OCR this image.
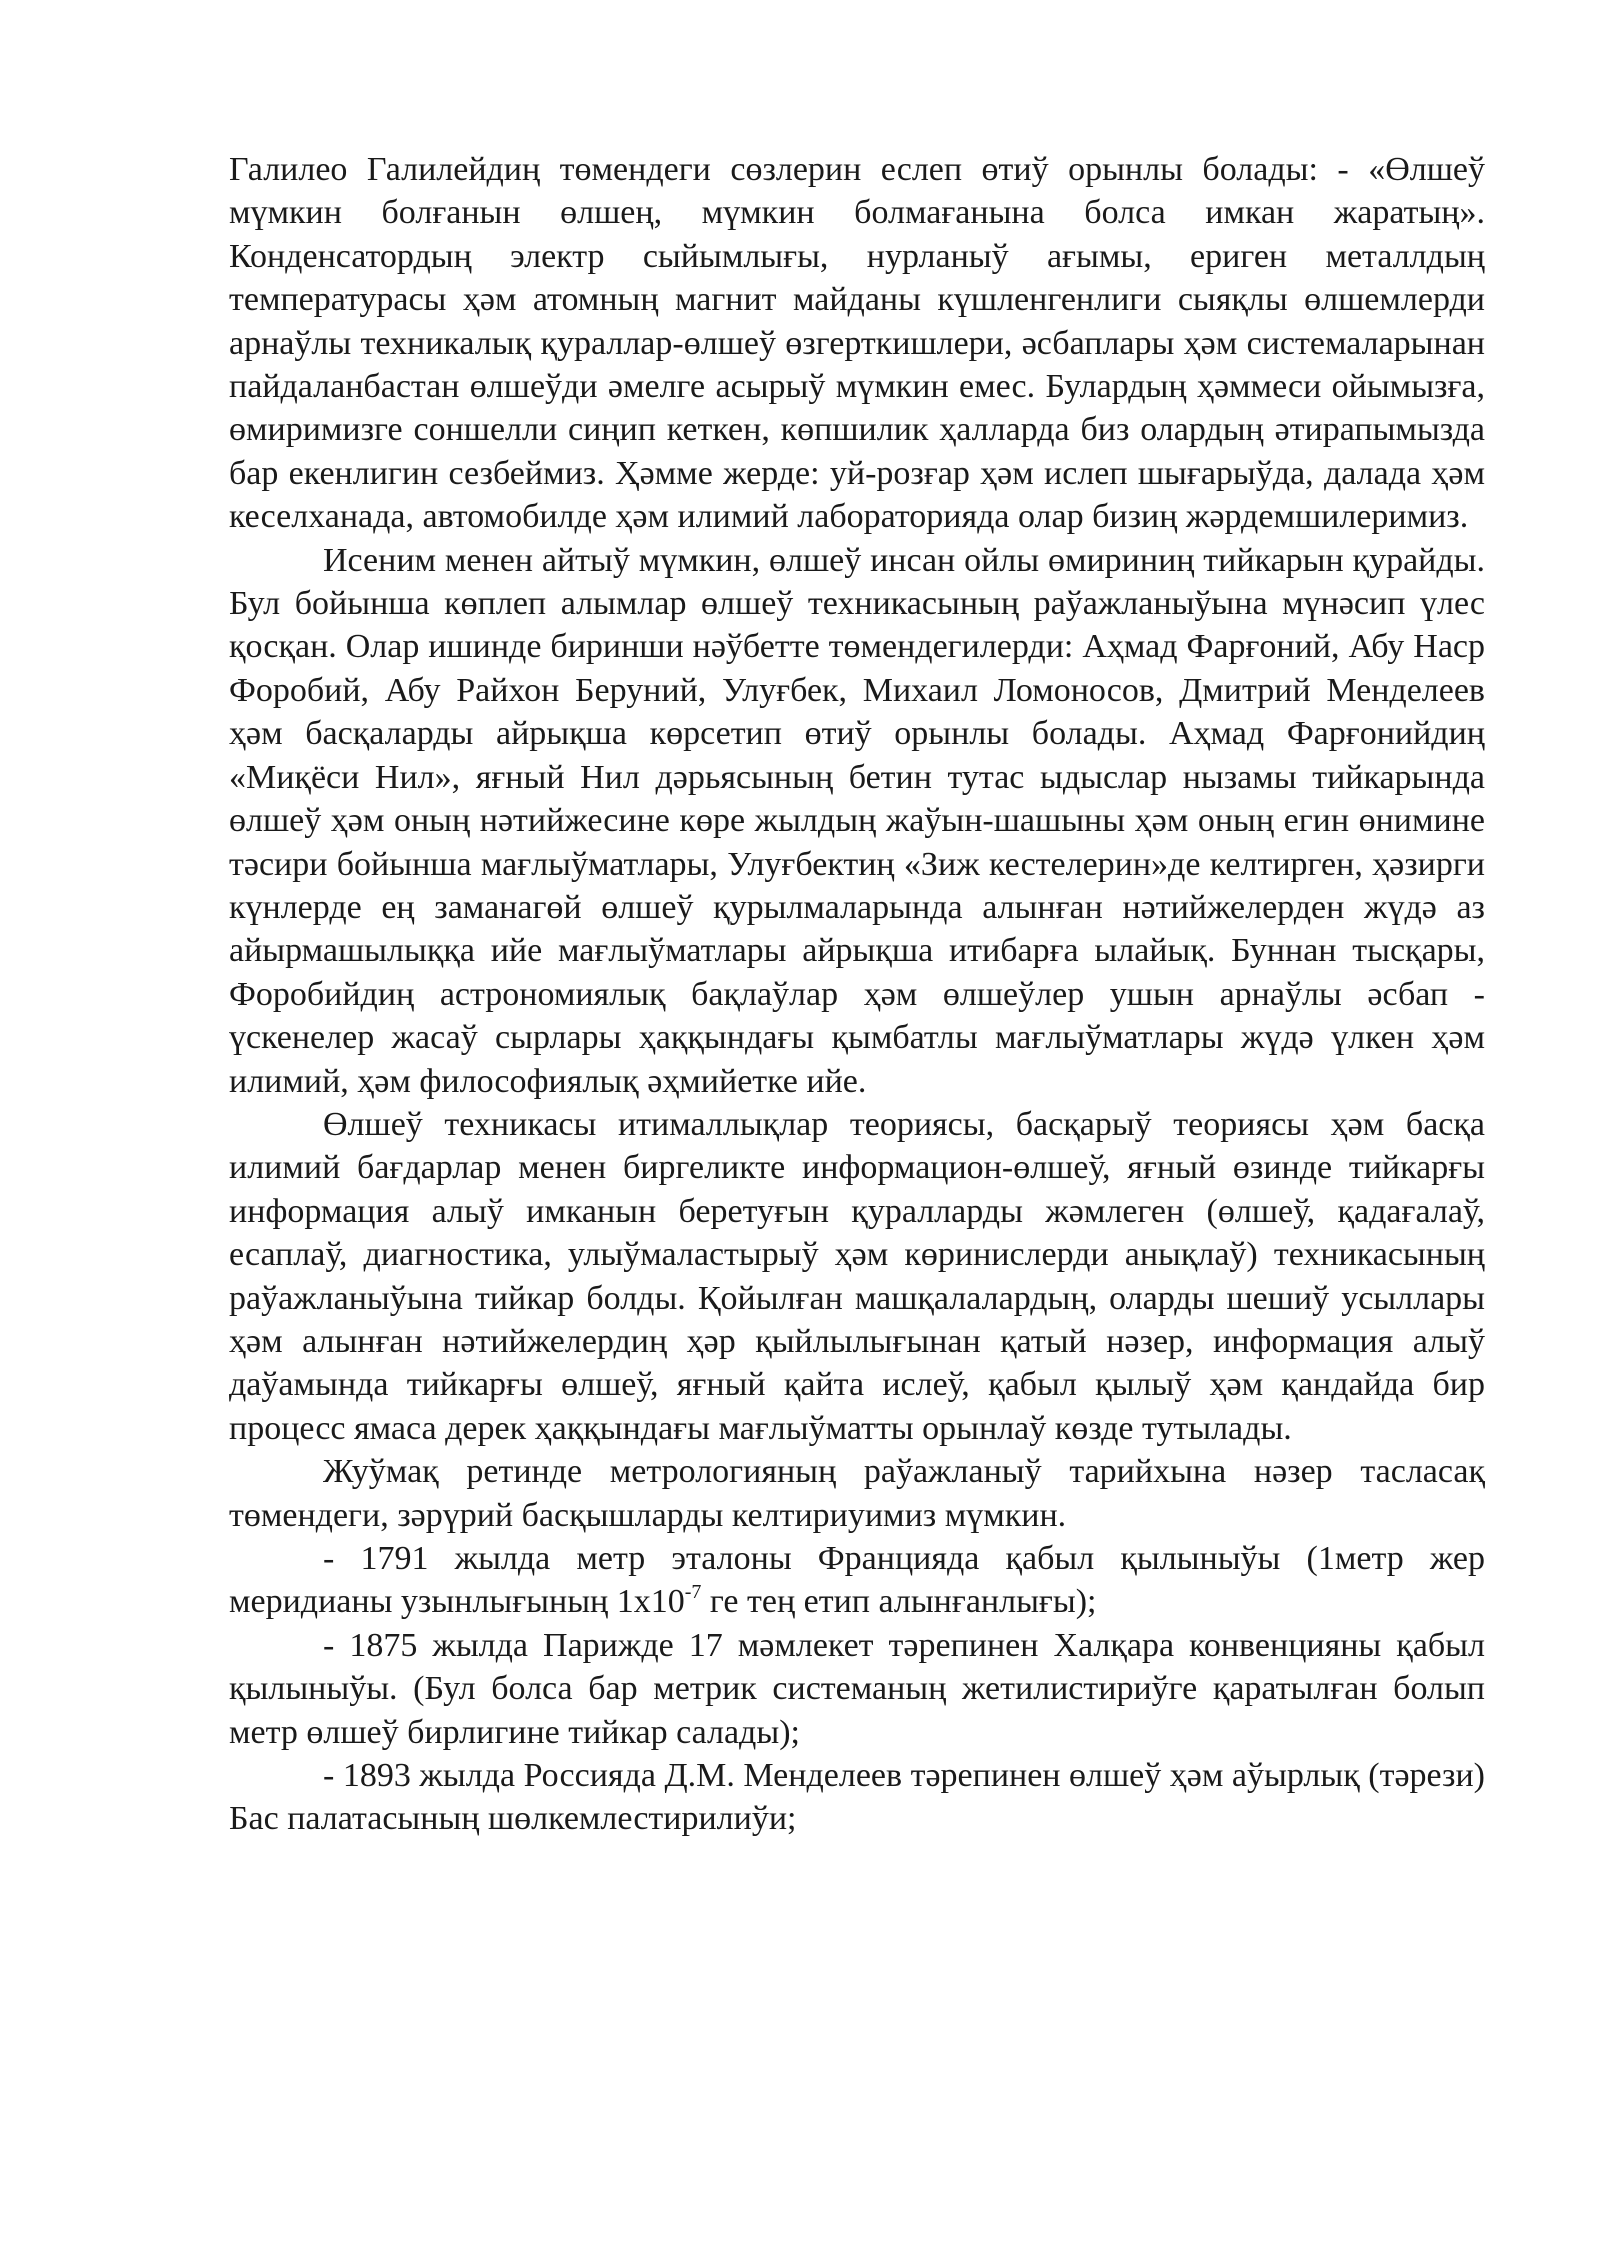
Галилео Галилейдиң төмендеги сөзлерин еслеп өтиў орынлы болады: - «Өлшеў мүмкин болғанын өлшең, мүмкин болмағанына болса имкан жаратың». Конденсатордың электр сыйымлығы, нурланыў ағымы, ериген металлдың температурасы ҳәм атомның магнит майданы күшленгенлиги сыяқлы өлшемлерди арнаўлы техникалық қураллар-өлшеў өзгерткишлери, әсбаплары ҳәм системаларынан пайдаланбастан өлшеўди әмелге асырыў мүмкин емес. Булардың ҳәммеси ойымызға, өмиримизге соншелли сиңип кеткен, көпшилик ҳалларда биз олардың әтирапымызда бар екенлигин сезбеймиз. Ҳәмме жерде: уй-розғар ҳәм ислеп шығарыўда, далада ҳәм кеселханада, автомобилде ҳәм илимий лабораторияда олар бизиң жәрдемшилеримиз.

Исеним менен айтыў мүмкин, өлшеў инсан ойлы өмириниң тийкарын қурайды. Бул бойынша көплеп алымлар өлшеў техникасының раўажланыўына мүнәсип үлес қосқан. Олар ишинде биринши нәўбетте төмендегилерди: Аҳмад Фарғоний, Абу Наср Форобий, Абу Райхон Беруний, Улуғбек, Михаил Ломоносов, Дмитрий Менделеев ҳәм басқаларды айрықша көрсетип өтиў орынлы болады. Аҳмад Фарғонийдиң «Миқёси Нил», яғный Нил дәрьясының бетин тутас ыдыслар нызамы тийкарында өлшеў ҳәм оның нәтийжесине көре жылдың жаўын-шашыны ҳәм оның егин өнимине тәсири бойынша мағлыўматлары, Улуғбектиң «Зиж кестелерин»де келтирген, ҳәзирги күнлерде ең заманагөй өлшеў қурылмаларында алынған нәтийжелерден жүдә аз айырмашылыққа ийе мағлыўматлары айрықша итибарға ылайық. Буннан тысқары, Форобийдиң астрономиялық бақлаўлар ҳәм өлшеўлер ушын арнаўлы әсбап - үскенелер жасаў сырлары ҳаққындағы қымбатлы мағлыўматлары жүдә үлкен ҳәм илимий, ҳәм философиялық әҳмийетке ийе.

Өлшеў техникасы итималлықлар теориясы, басқарыў теориясы ҳәм басқа илимий бағдарлар менен биргеликте информацион-өлшеў, яғный өзинде тийкарғы информация алыў имканын беретуғын қуралларды жәмлеген (өлшеў, қадағалаў, есаплаў, диагностика, улыўмаластырыў ҳәм көринислерди анықлаў) техникасының раўажланыўына тийкар болды. Қойылған машқалалардың, оларды шешиў усыллары ҳәм алынған нәтийжелердиң ҳәр қыйлылығынан қатый нәзер, информация алыў даўамында тийкарғы өлшеў, яғный қайта ислеў, қабыл қылыў ҳәм қандайда бир процесс ямаса дерек ҳаққындағы мағлыўматты орынлаў көзде тутылады.

Жуўмақ ретинде метрологияның раўажланыў тарийхына нәзер тасласақ төмендеги, зәрүрий басқышларды келтириуимиз мүмкин.

- 1791 жылда метр эталоны Францияда қабыл қылыныўы (1метр жер меридианы узынлығының $1х10^{-7}$ ге тең етип алынғанлығы);

- 1875 жылда Парижде 17 мәмлекет тәрепинен Халқара конвенцияны қабыл қылыныўы. (Бул болса бар метрик системаның жетилистириўге қаратылған болып метр өлшеў бирлигине тийкар салады);

- 1893 жылда Россияда Д.М. Менделеев тәрепинен өлшеў ҳәм аўырлық (тәрези) Бас палатасының шөлкемлестирилиўи;
